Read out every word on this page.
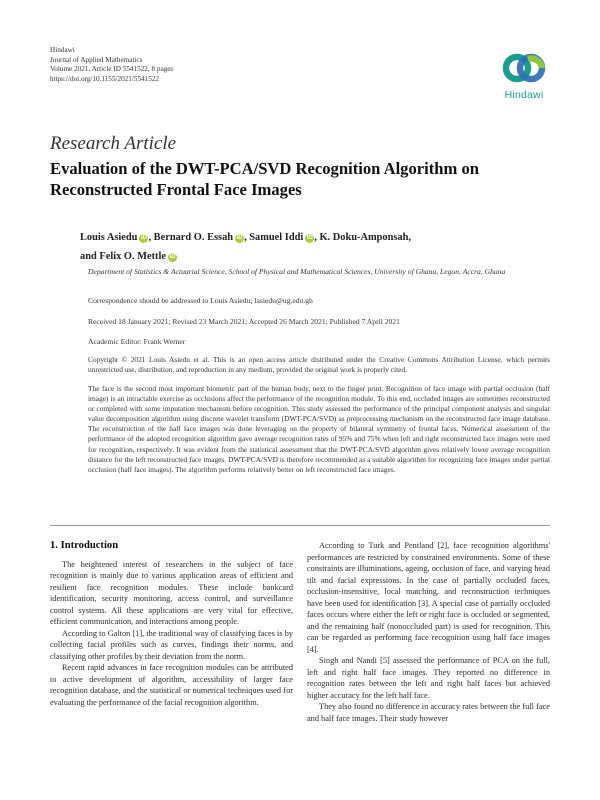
Hindawi
Journal of Applied Mathematics
Volume 2021, Article ID 5541522, 8 pages
https://doi.org/10.1155/2021/5541522
Hindawi
Research Article
Evaluation of the DWT-PCA/SVD Recognition Algorithm on Reconstructed Frontal Face Images
Louis Asiedu iD , Bernard O. Essah iD , Samuel Iddi iD , K. Doku-Amponsah,
and Felix O. Mettle iD
Department of Statistics & Actuarial Science, School of Physical and Mathematical Sciences, University of Ghana, Legon, Accra, Ghana
Correspondence should be addressed to Louis Asiedu; lasiedu@ug.edu.gh
Received 18 January 2021; Revised 23 March 2021; Accepted 26 March 2021; Published 7 April 2021
Academic Editor: Frank Werner
Copyright © 2021 Louis Asiedu et al. This is an open access article distributed under the Creative Commons Attribution License, which permits unrestricted use, distribution, and reproduction in any medium, provided the original work is properly cited.
The face is the second most important biometric part of the human body, next to the finger print. Recognition of face image with partial occlusion (half image) is an intractable exercise as occlusions affect the performance of the recognition module. To this end, occluded images are sometimes reconstructed or completed with some imputation mechanism before recognition. This study assessed the performance of the principal component analysis and singular value decomposition algorithm using discrete wavelet transform (DWT-PCA/SVD) as preprocessing mechanism on the reconstructed face image database. The reconstruction of the half face images was done leveraging on the property of bilateral symmetry of frontal faces. Numerical assessment of the performance of the adopted recognition algorithm gave average recognition rates of 95% and 75% when left and right reconstructed face images were used for recognition, respectively. It was evident from the statistical assessment that the DWT-PCA/SVD algorithm gives relatively lower average recognition distance for the left reconstructed face images. DWT-PCA/SVD is therefore recommended as a suitable algorithm for recognizing face images under partial occlusion (half face images). The algorithm performs relatively better on left reconstructed face images.
1. Introduction

The heightened interest of researchers in the subject of face recognition is mainly due to various application areas of efficient and resilient face recognition modules. These include bankcard identification, security monitoring, access control, and surveillance control systems. All these applications are very vital for effective, efficient communication, and interactions among people.

According to Galton [1], the traditional way of classifying faces is by collecting facial profiles such as curves, findings their norms, and classifying other profiles by their deviation from the norm.

Recent rapid advances in face recognition modules can be attributed to active development of algorithm, accessibility of larger face recognition database, and the statistical or numerical techniques used for evaluating the performance of the facial recognition algorithm.

According to Turk and Pentland [2], face recognition algorithms' performances are restricted by constrained environments. Some of these constraints are illuminations, ageing, occlusion of face, and varying head tilt and facial expressions. In the case of partially occluded faces, occlusion-insensitive, local matching, and reconstruction techniques have been used for identification [3]. A special case of partially occluded faces occurs where either the left or right face is occluded or segmented, and the remaining half (nonoccluded part) is used for recognition. This can be regarded as performing face recognition using half face images [4].

Singh and Nandi [5] assessed the performance of PCA on the full, left and right half face images. They reported no difference in recognition rates between the left and right half faces but achieved higher accuracy for the left half face.

They also found no difference in accuracy rates between the full face and half face images. Their study however
